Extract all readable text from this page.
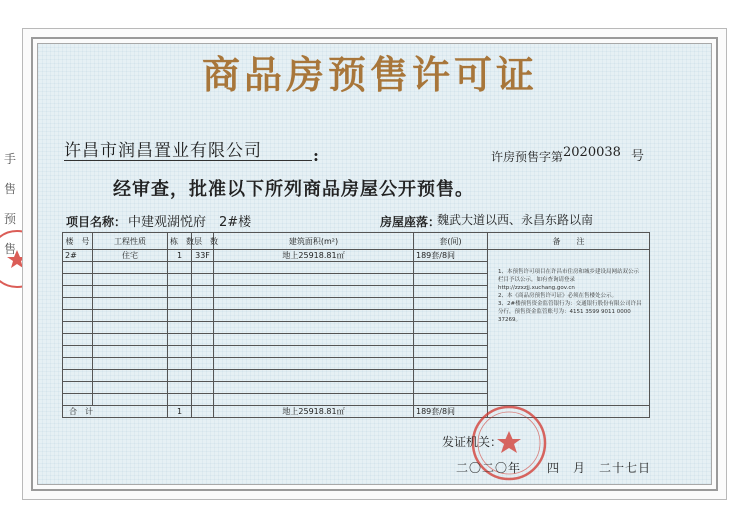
手
售
预
售
商品房预售许可证
许昌市润昌置业有限公司	:	许房预售字第 2020038 号
经审查，批准以下所列商品房屋公开预售。
项目名称： 中建观湖悦府　2#楼	房屋座落：
魏武大道以西、永昌东路以南
楼　号	工程性质	栋　数	层　数	建筑面积(m²)	套(间)	备　　注
2#	住宅	1	33F	地上25918.81㎡	189套/8间	1、本预售许可项目在许昌市住房和城乡建设局网站双公示栏目予以公示，如有查询请登录http://zzxzjj.xuchang.gov.cn
2、本《商品房预售许可证》必须在售楼处公示。
3、2#楼预售资金监管银行为：交通银行股份有限公司许昌分行，预售资金监管账号为：4151 3599 9011 0000 37269。

合　计		1		地上25918.81㎡	189套/8间	
发证机关：
二〇二〇年　　四　月　二十七日
